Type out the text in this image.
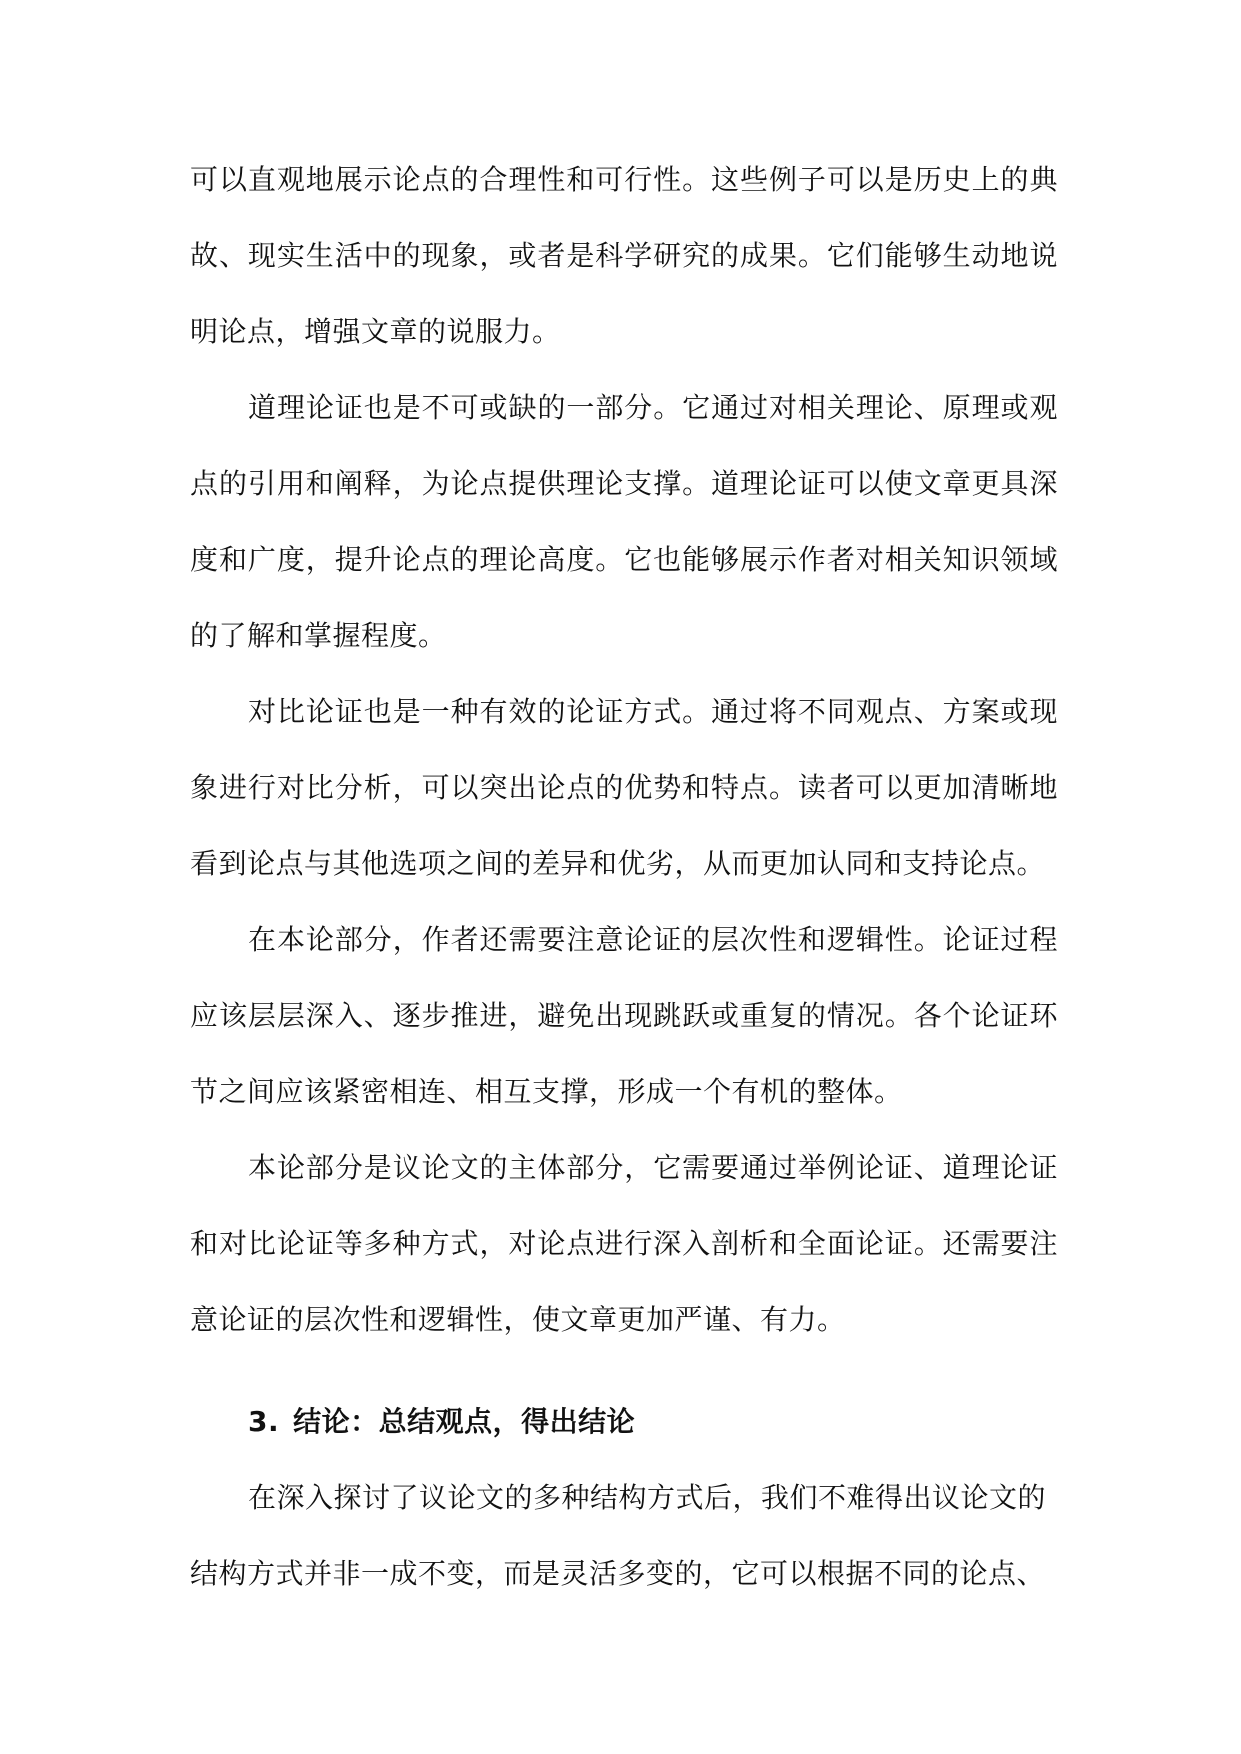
可以直观地展示论点的合理性和可行性。这些例子可以是历史上的典故、现实生活中的现象，或者是科学研究的成果。它们能够生动地说明论点，增强文章的说服力。

道理论证也是不可或缺的一部分。它通过对相关理论、原理或观点的引用和阐释，为论点提供理论支撑。道理论证可以使文章更具深度和广度，提升论点的理论高度。它也能够展示作者对相关知识领域的了解和掌握程度。

对比论证也是一种有效的论证方式。通过将不同观点、方案或现象进行对比分析，可以突出论点的优势和特点。读者可以更加清晰地看到论点与其他选项之间的差异和优劣，从而更加认同和支持论点。

在本论部分，作者还需要注意论证的层次性和逻辑性。论证过程应该层层深入、逐步推进，避免出现跳跃或重复的情况。各个论证环节之间应该紧密相连、相互支撑，形成一个有机的整体。

本论部分是议论文的主体部分，它需要通过举例论证、道理论证和对比论证等多种方式，对论点进行深入剖析和全面论证。还需要注意论证的层次性和逻辑性，使文章更加严谨、有力。

3. 结论：总结观点，得出结论

在深入探讨了议论文的多种结构方式后，我们不难得出议论文的

结构方式并非一成不变，而是灵活多变的，它可以根据不同的论点、
